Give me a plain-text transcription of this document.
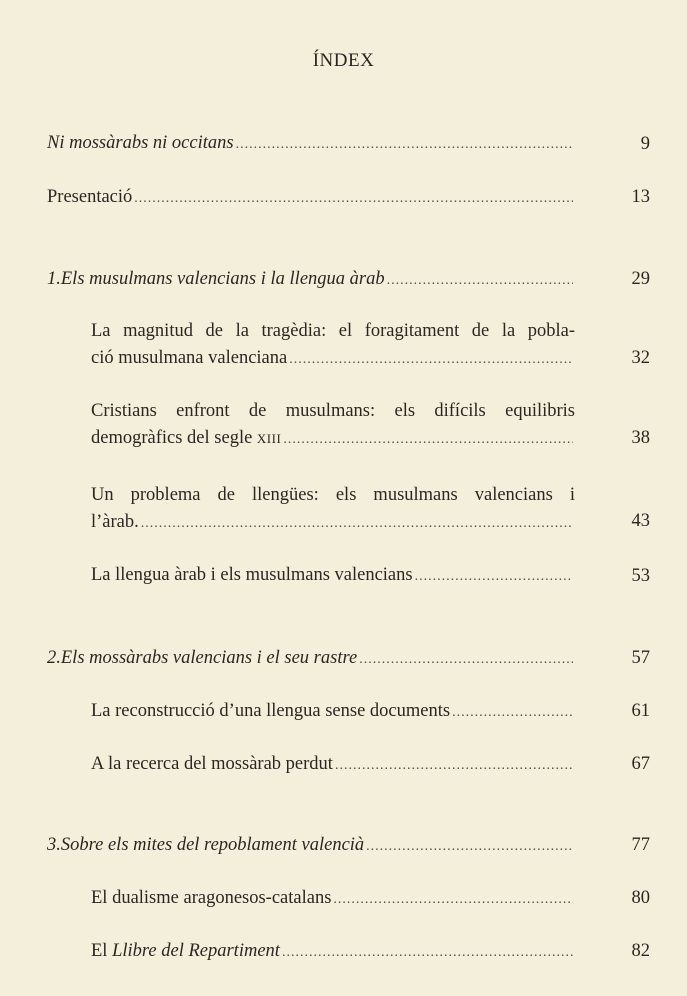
ÍNDEX
Ni mossàrabs ni occitans .....	9
Presentació .....	13
1. Els musulmans valencians i la llengua àrab .....	29
La magnitud de la tragèdia: el foragitament de la pobla-
ció musulmana valenciana .....	32
Cristians enfront de musulmans: els difícils equilibris
demogràfics del segle XIII .....	38
Un problema de llengües: els musulmans valencians i
l’àrab. .....	43
La llengua àrab i els musulmans valencians .....	53
2. Els mossàrabs valencians i el seu rastre .....	57
La reconstrucció d’una llengua sense documents .....	61
A la recerca del mossàrab perdut .....	67
3. Sobre els mites del repoblament valencià .....	77
El dualisme aragonesos-catalans .....	80
El Llibre del Repartiment .....	82
